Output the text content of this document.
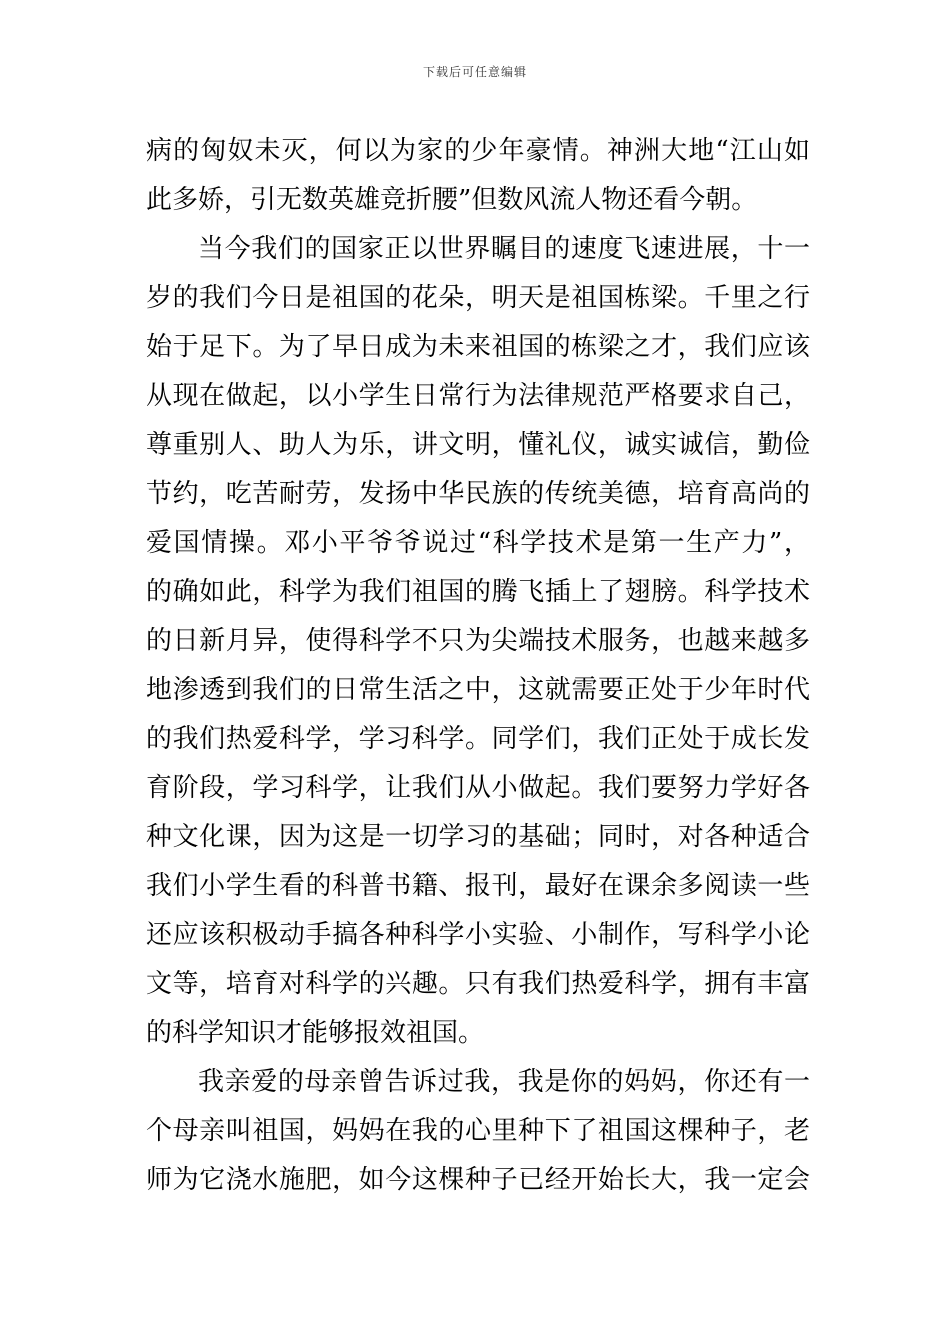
下载后可任意编辑
病的匈奴未灭，何以为家的少年豪情。神洲大地“江山如
此多娇，引无数英雄竞折腰”但数风流人物还看今朝。
当今我们的国家正以世界瞩目的速度飞速进展，十一
岁的我们今日是祖国的花朵，明天是祖国栋梁。千里之行
始于足下。为了早日成为未来祖国的栋梁之才，我们应该
从现在做起，以小学生日常行为法律规范严格要求自己，
尊重别人、助人为乐，讲文明，懂礼仪，诚实诚信，勤俭
节约，吃苦耐劳，发扬中华民族的传统美德，培育高尚的
爱国情操。邓小平爷爷说过“科学技术是第一生产力”，
的确如此，科学为我们祖国的腾飞插上了翅膀。科学技术
的日新月异，使得科学不只为尖端技术服务，也越来越多
地渗透到我们的日常生活之中，这就需要正处于少年时代
的我们热爱科学，学习科学。同学们，我们正处于成长发
育阶段，学习科学，让我们从小做起。我们要努力学好各
种文化课，因为这是一切学习的基础；同时，对各种适合
我们小学生看的科普书籍、报刊，最好在课余多阅读一些
还应该积极动手搞各种科学小实验、小制作，写科学小论
文等，培育对科学的兴趣。只有我们热爱科学，拥有丰富
的科学知识才能够报效祖国。
我亲爱的母亲曾告诉过我，我是你的妈妈，你还有一
个母亲叫祖国，妈妈在我的心里种下了祖国这棵种子，老
师为它浇水施肥，如今这棵种子已经开始长大，我一定会
